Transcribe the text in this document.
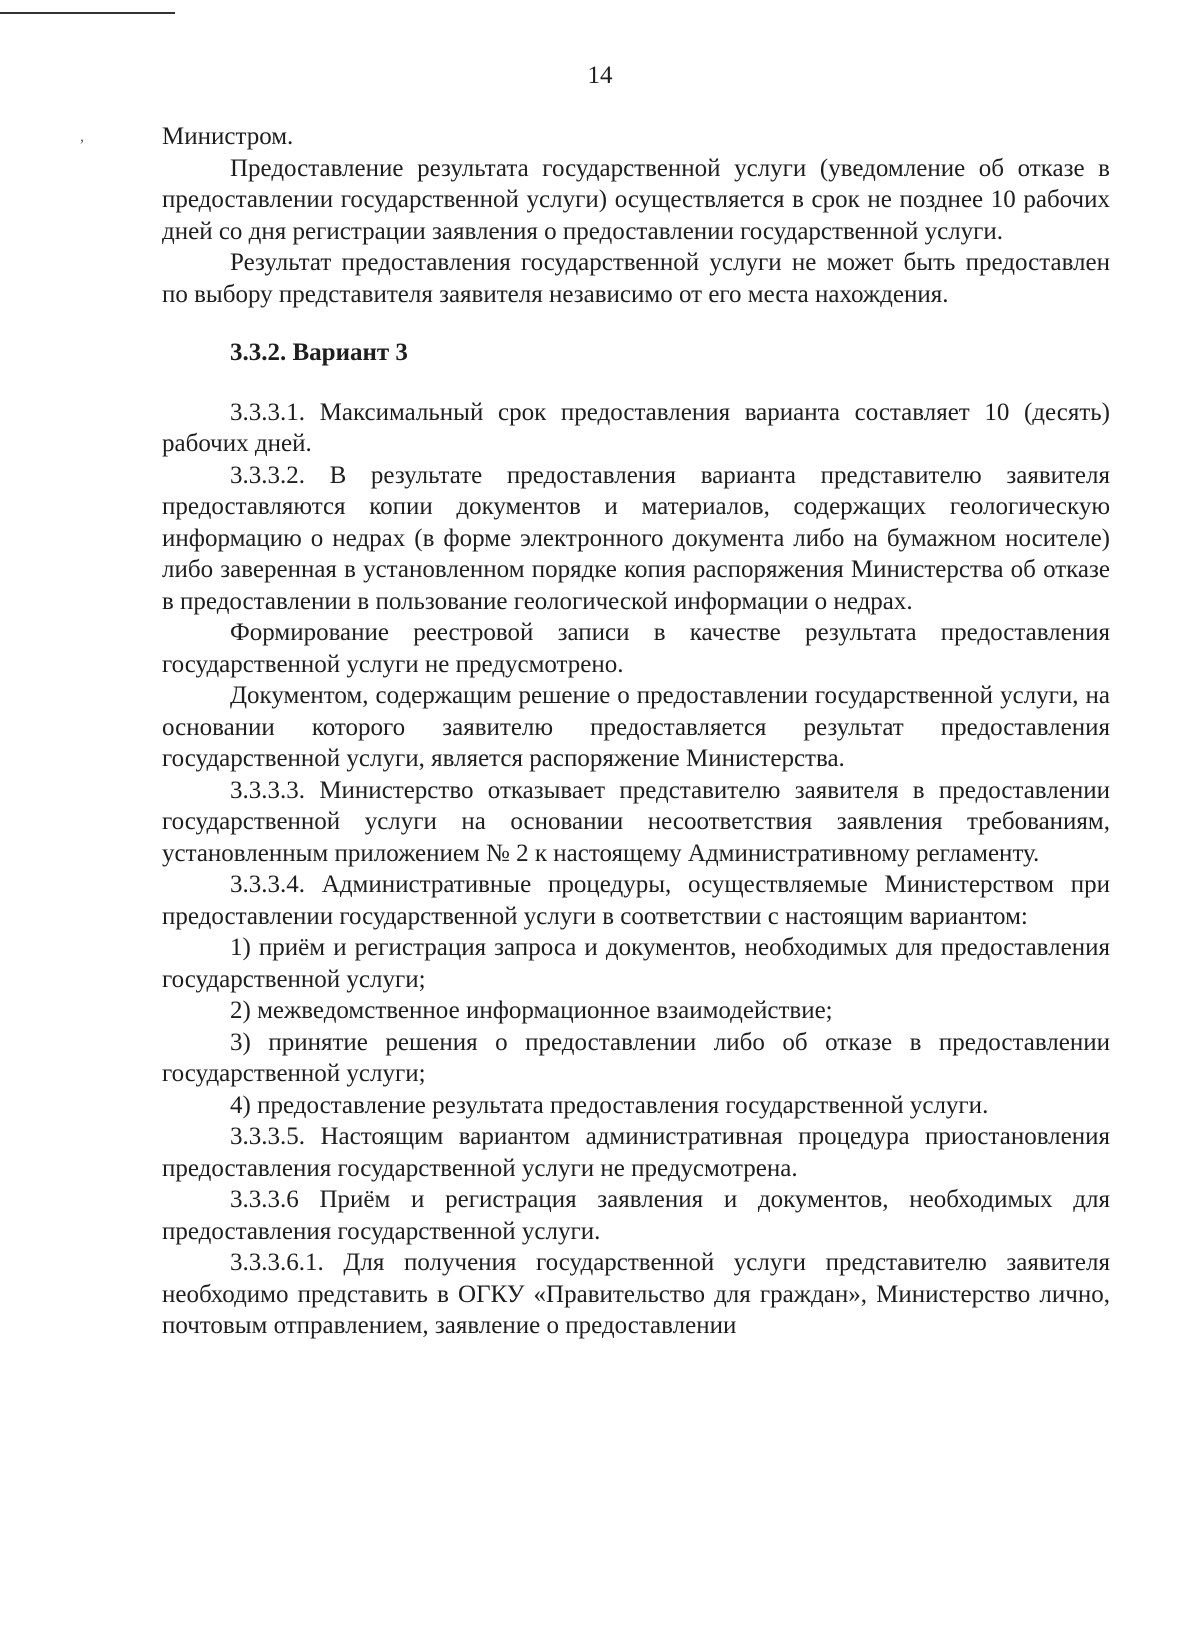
,
14

Министром.

Предоставление результата государственной услуги (уведомление об отказе в предоставлении государственной услуги) осуществляется в срок не позднее 10 рабочих дней со дня регистрации заявления о предоставлении государственной услуги.

Результат предоставления государственной услуги не может быть предоставлен по выбору представителя заявителя независимо от его места нахождения.

3.3.2. Вариант 3

3.3.3.1. Максимальный срок предоставления варианта составляет 10 (десять) рабочих дней.

3.3.3.2. В результате предоставления варианта представителю заявителя предоставляются копии документов и материалов, содержащих геологическую информацию о недрах (в форме электронного документа либо на бумажном носителе) либо заверенная в установленном порядке копия распоряжения Министерства об отказе в предоставлении в пользование геологической информации о недрах.

Формирование реестровой записи в качестве результата предоставления государственной услуги не предусмотрено.

Документом, содержащим решение о предоставлении государственной услуги, на основании которого заявителю предоставляется результат предоставления государственной услуги, является распоряжение Министерства.

3.3.3.3. Министерство отказывает представителю заявителя в предоставлении государственной услуги на основании несоответствия заявления требованиям, установленным приложением № 2 к настоящему Административному регламенту.

3.3.3.4. Административные процедуры, осуществляемые Министерством при предоставлении государственной услуги в соответствии с настоящим вариантом:

1) приём и регистрация запроса и документов, необходимых для предоставления государственной услуги;

2) межведомственное информационное взаимодействие;

3) принятие решения о предоставлении либо об отказе в предоставлении государственной услуги;

4) предоставление результата предоставления государственной услуги.

3.3.3.5. Настоящим вариантом административная процедура приостановления предоставления государственной услуги не предусмотрена.

3.3.3.6 Приём и регистрация заявления и документов, необходимых для предоставления государственной услуги.

3.3.3.6.1. Для получения государственной услуги представителю заявителя необходимо представить в ОГКУ «Правительство для граждан», Министерство лично, почтовым отправлением, заявление о предоставлении
